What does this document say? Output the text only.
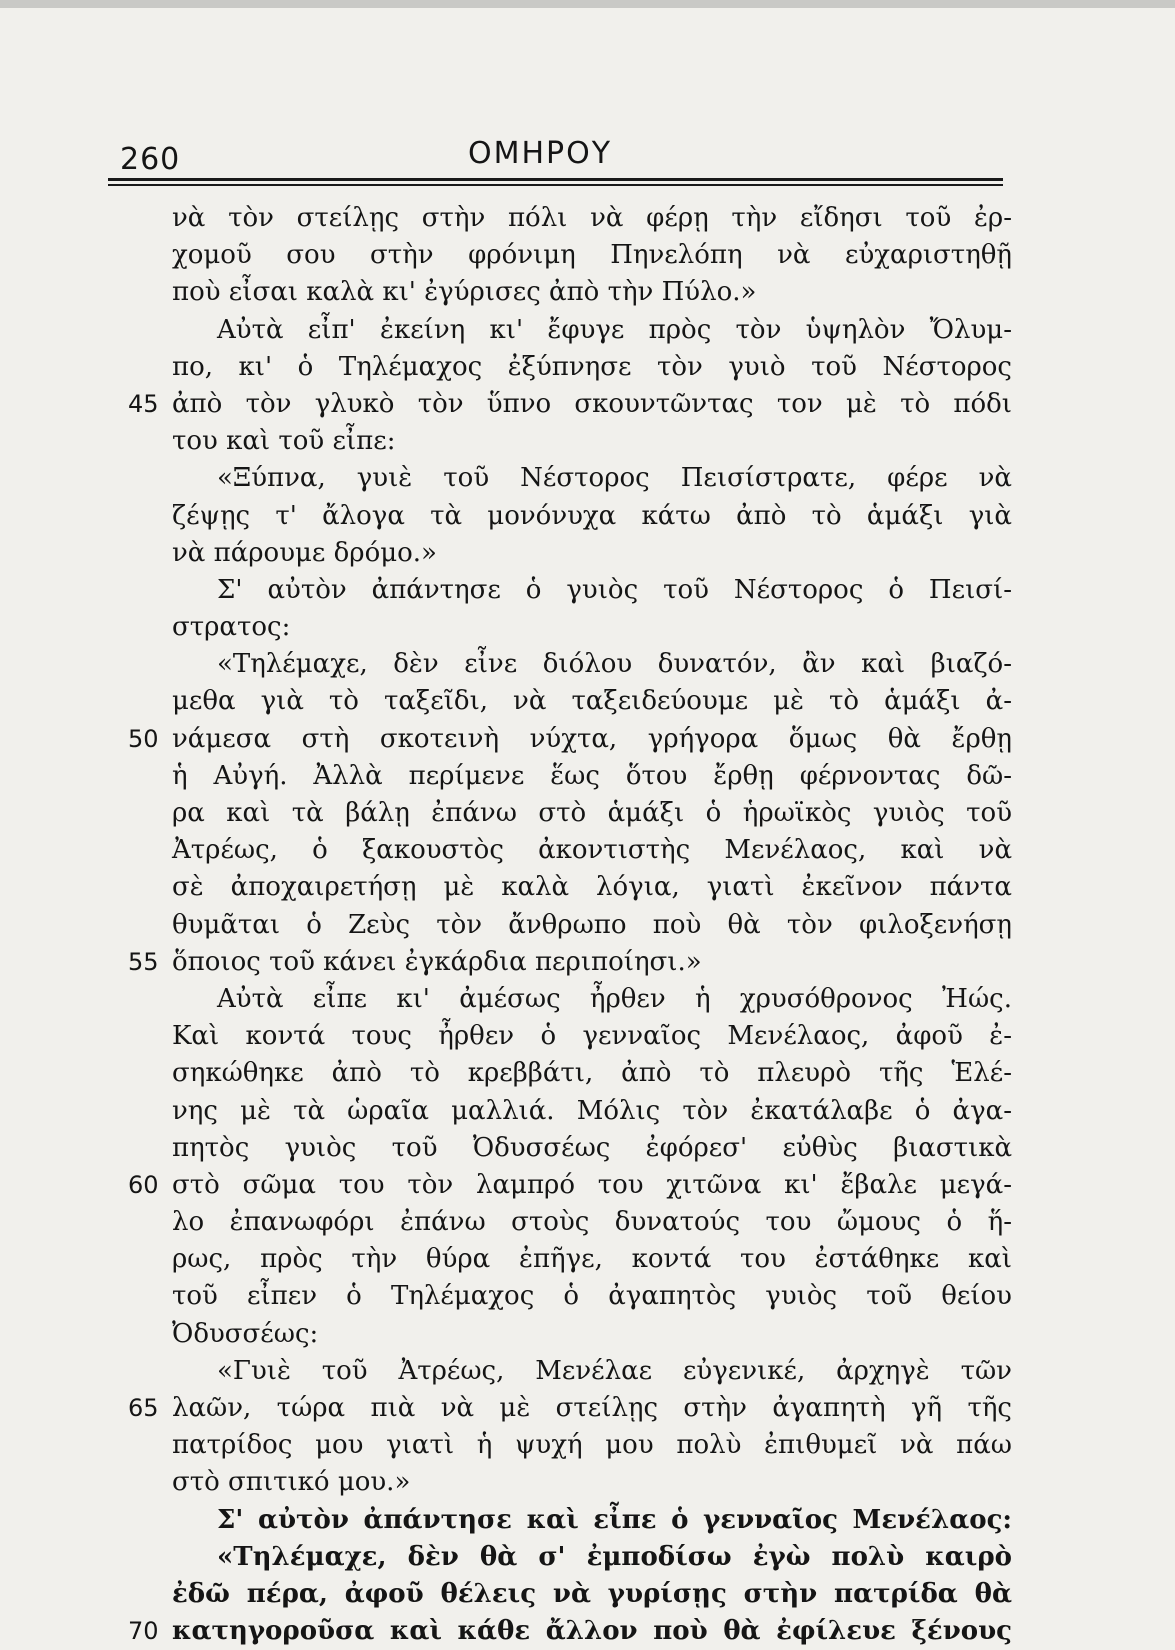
260	ΟΜΗΡΟΥ
νὰ τὸν στείλῃς στὴν πόλι νὰ φέρῃ τὴν εἴδησι τοῦ ἐρ-
χομοῦ σου στὴν φρόνιμη Πηνελόπη νὰ εὐχαριστηθῇ
ποὺ εἶσαι καλὰ κι' ἐγύρισες ἀπὸ τὴν Πύλο.»
Αὐτὰ εἶπ' ἐκείνη κι' ἔφυγε πρὸς τὸν ὑψηλὸν Ὄλυμ-
πο, κι' ὁ Τηλέμαχος ἐξύπνησε τὸν γυιὸ τοῦ Νέστορος
45 ἀπὸ τὸν γλυκὸ τὸν ὕπνο σκουντῶντας τον μὲ τὸ πόδι
του καὶ τοῦ εἶπε:
«Ξύπνα, γυιὲ τοῦ Νέστορος Πεισίστρατε, φέρε νὰ
ζέψῃς τ' ἄλογα τὰ μονόνυχα κάτω ἀπὸ τὸ ἁμάξι γιὰ
νὰ πάρουμε δρόμο.»
Σ' αὐτὸν ἀπάντησε ὁ γυιὸς τοῦ Νέστορος ὁ Πεισί-
στρατος:
«Τηλέμαχε, δὲν εἶνε διόλου δυνατόν, ἂν καὶ βιαζό-
μεθα γιὰ τὸ ταξεῖδι, νὰ ταξειδεύουμε μὲ τὸ ἁμάξι ἀ-
50 νάμεσα στὴ σκοτεινὴ νύχτα, γρήγορα ὅμως θὰ ἔρθῃ
ἡ Αὐγή. Ἀλλὰ περίμενε ἕως ὅτου ἔρθῃ φέρνοντας δῶ-
ρα καὶ τὰ βάλῃ ἐπάνω στὸ ἁμάξι ὁ ἡρωϊκὸς γυιὸς τοῦ
Ἀτρέως, ὁ ξακουστὸς ἀκοντιστὴς Μενέλαος, καὶ νὰ
σὲ ἀποχαιρετήσῃ μὲ καλὰ λόγια, γιατὶ ἐκεῖνον πάντα
θυμᾶται ὁ Ζεὺς τὸν ἄνθρωπο ποὺ θὰ τὸν φιλοξενήσῃ
55 ὅποιος τοῦ κάνει ἐγκάρδια περιποίησι.»
Αὐτὰ εἶπε κι' ἀμέσως ἦρθεν ἡ χρυσόθρονος Ἠώς.
Καὶ κοντά τους ἦρθεν ὁ γενναῖος Μενέλαος, ἀφοῦ ἐ-
σηκώθηκε ἀπὸ τὸ κρεββάτι, ἀπὸ τὸ πλευρὸ τῆς Ἑλέ-
νης μὲ τὰ ὡραῖα μαλλιά. Μόλις τὸν ἐκατάλαβε ὁ ἀγα-
πητὸς γυιὸς τοῦ Ὀδυσσέως ἐφόρεσ' εὐθὺς βιαστικὰ
60 στὸ σῶμα του τὸν λαμπρό του χιτῶνα κι' ἔβαλε μεγά-
λο ἐπανωφόρι ἐπάνω στοὺς δυνατούς του ὤμους ὁ ἥ-
ρως, πρὸς τὴν θύρα ἐπῆγε, κοντά του ἐστάθηκε καὶ
τοῦ εἶπεν ὁ Τηλέμαχος ὁ ἀγαπητὸς γυιὸς τοῦ θείου
Ὀδυσσέως:
«Γυιὲ τοῦ Ἀτρέως, Μενέλαε εὐγενικέ, ἀρχηγὲ τῶν
65 λαῶν, τώρα πιὰ νὰ μὲ στείλῃς στὴν ἀγαπητὴ γῆ τῆς
πατρίδος μου γιατὶ ἡ ψυχή μου πολὺ ἐπιθυμεῖ νὰ πάω
στὸ σπιτικό μου.»
Σ' αὐτὸν ἀπάντησε καὶ εἶπε ὁ γενναῖος Μενέλαος:
«Τηλέμαχε, δὲν θὰ σ' ἐμποδίσω ἐγὼ πολὺ καιρὸ
ἐδῶ πέρα, ἀφοῦ θέλεις νὰ γυρίσῃς στὴν πατρίδα θὰ
70 κατηγοροῦσα καὶ κάθε ἄλλον ποὺ θὰ ἐφίλευε ξένους
